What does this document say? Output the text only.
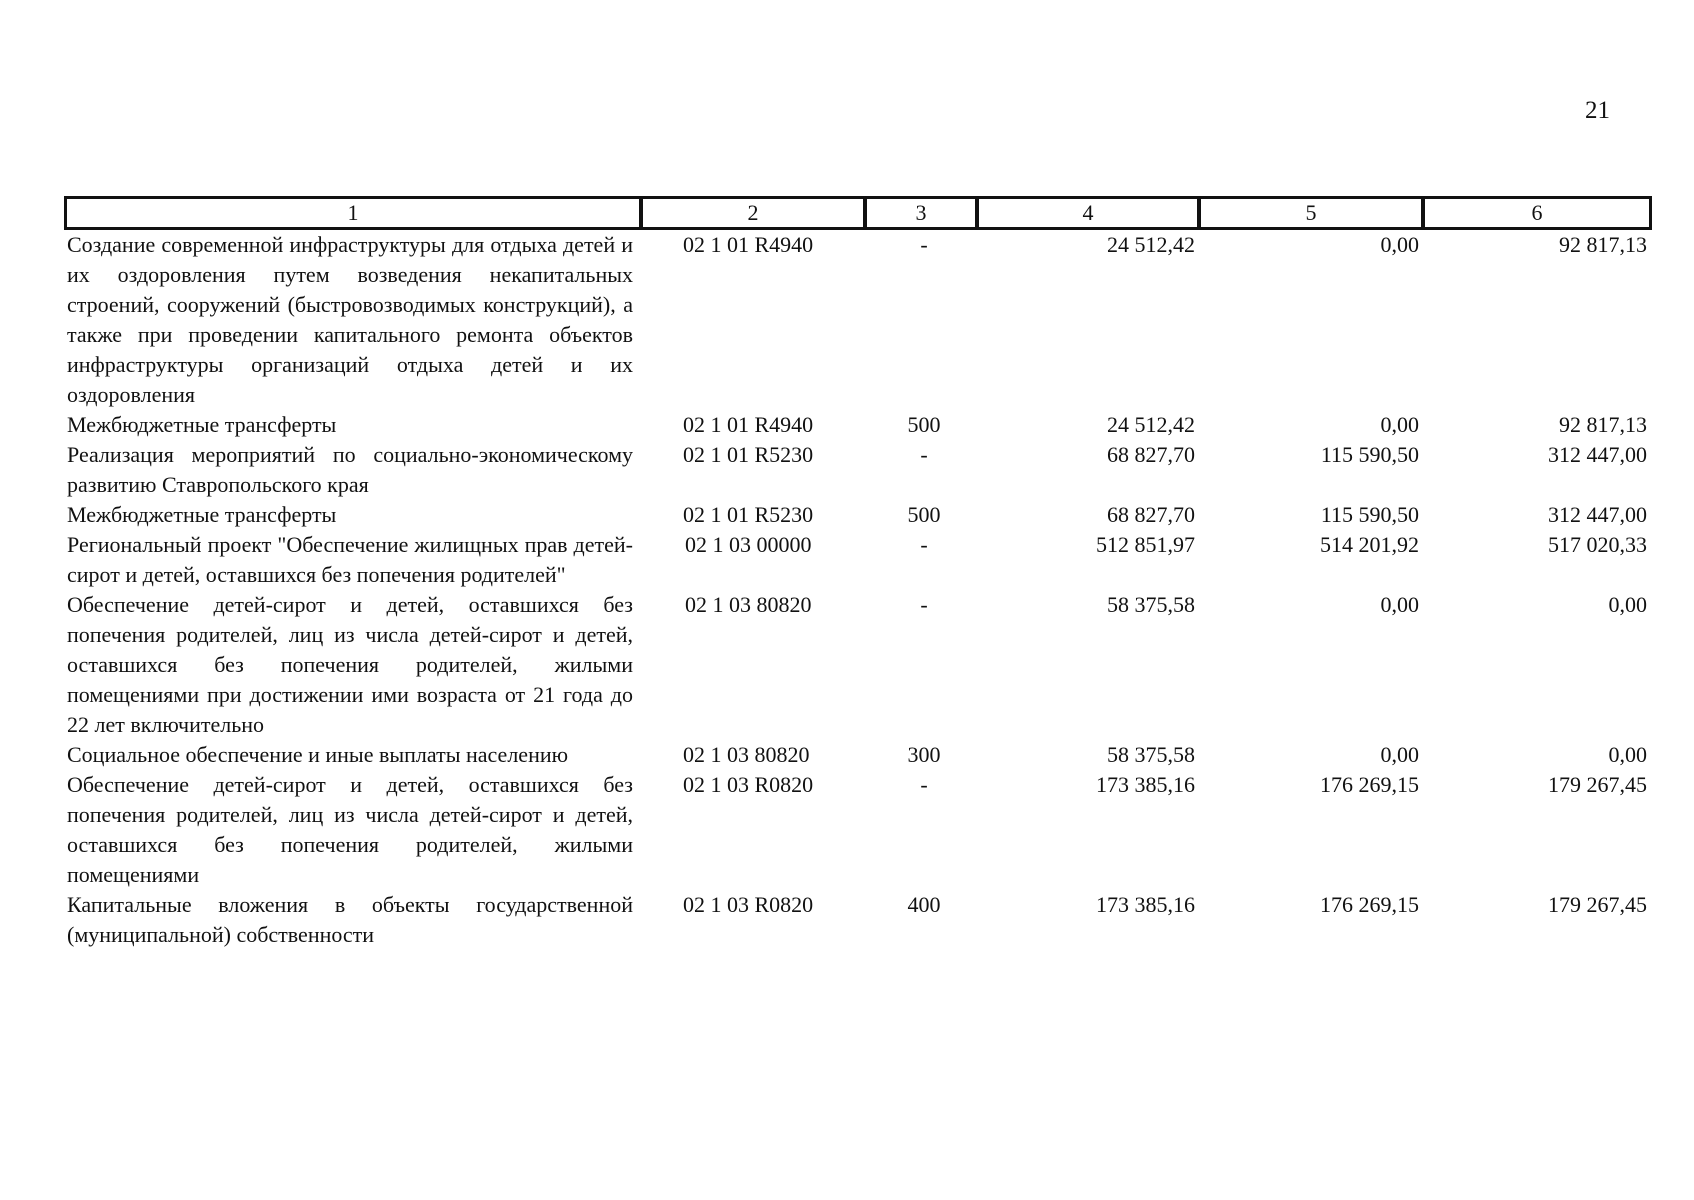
21
1	2	3	4	5	6
Создание современной инфраструктуры для отдыха детей и их оздоровления путем возведения некапитальных строений, сооружений (быстровозводимых конструкций), а также при проведении капитального ремонта объектов инфраструктуры организаций отдыха детей и их оздоровления	02 1 01 R4940	-	24 512,42	0,00	92 817,13
Межбюджетные трансферты	02 1 01 R4940	500	24 512,42	0,00	92 817,13
Реализация мероприятий по социально-экономическому развитию Ставропольского края	02 1 01 R5230	-	68 827,70	115 590,50	312 447,00
Межбюджетные трансферты	02 1 01 R5230	500	68 827,70	115 590,50	312 447,00
Региональный проект "Обеспечение жилищных прав детей-сирот и детей, оставшихся без попечения родителей"	02 1 03 00000	-	512 851,97	514 201,92	517 020,33
Обеспечение детей-сирот и детей, оставшихся без попечения родителей, лиц из числа детей-сирот и детей, оставшихся без попечения родителей, жилыми помещениями при достижении ими возраста от 21 года до 22 лет включительно	02 1 03 80820	-	58 375,58	0,00	0,00
Социальное обеспечение и иные выплаты населению	02 1 03 80820	300	58 375,58	0,00	0,00
Обеспечение детей-сирот и детей, оставшихся без попечения родителей, лиц из числа детей-сирот и детей, оставшихся без попечения родителей, жилыми помещениями	02 1 03 R0820	-	173 385,16	176 269,15	179 267,45
Капитальные вложения в объекты государственной (муниципальной) собственности	02 1 03 R0820	400	173 385,16	176 269,15	179 267,45
